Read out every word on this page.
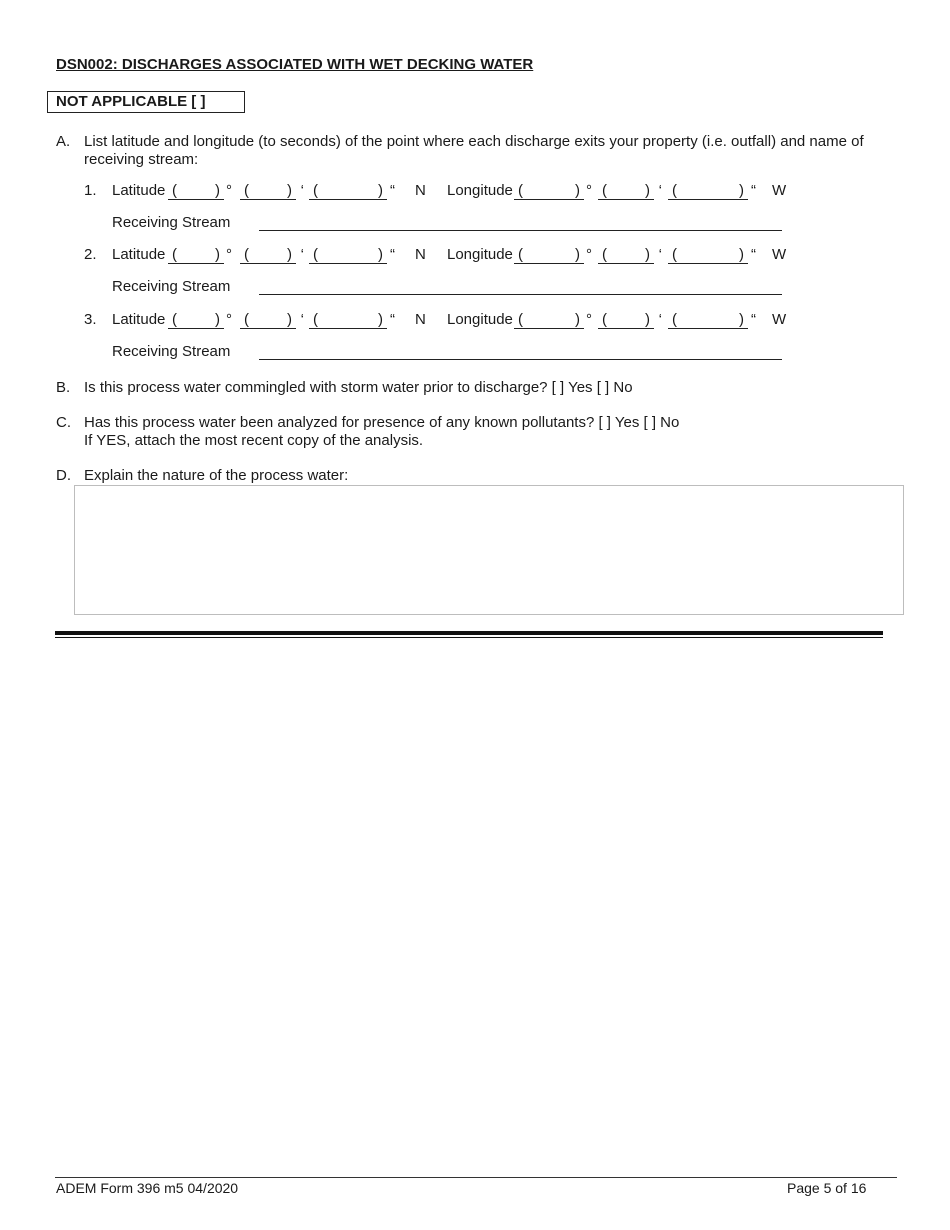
DSN002: DISCHARGES ASSOCIATED WITH WET DECKING WATER
NOT APPLICABLE [ ]
A. List latitude and longitude (to seconds) of the point where each discharge exits your property (i.e. outfall) and name of
receiving stream:
1. Latitude (	) ° (	) ‘ (	) “ N Longitude (	) ° (	) ‘ (	) “ W
Receiving Stream
2. Latitude (	) ° (	) ‘ (	) “ N Longitude (	) ° (	) ‘ (	) “ W
Receiving Stream
3. Latitude (	) ° (	) ‘ (	) “ N Longitude (	) ° (	) ‘ (	) “ W
Receiving Stream
B. Is this process water commingled with storm water prior to discharge? [ ] Yes [ ] No
C. Has this process water been analyzed for presence of any known pollutants? [ ] Yes [ ] No
If YES, attach the most recent copy of the analysis.
D. Explain the nature of the process water:
ADEM Form 396 m5 04/2020	Page 5 of 16
